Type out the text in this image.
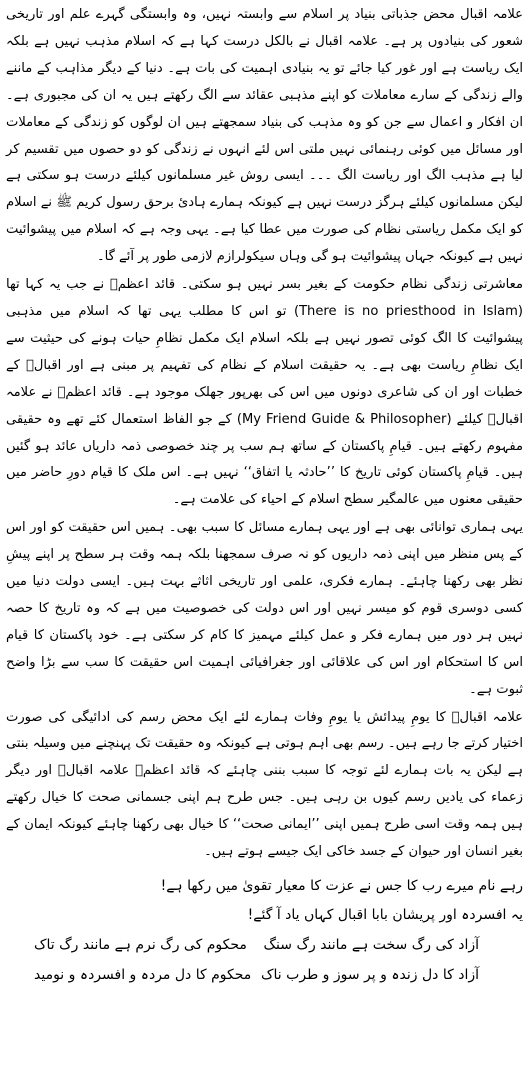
علامہ اقبال محض جذباتی بنیاد پر اسلام سے وابستہ نہیں، وہ وابستگی گہرے علم اور تاریخی شعور کی بنیادوں پر ہے۔ علامہ اقبال نے بالکل درست کہا ہے کہ اسلام مذہب نہیں ہے بلکہ ایک ریاست ہے اور غور کیا جائے تو یہ بنیادی اہمیت کی بات ہے۔ دنیا کے دیگر مذاہب کے ماننے والے زندگی کے سارے معاملات کو اپنے مذہبی عقائد سے الگ رکھتے ہیں یہ ان کی مجبوری ہے۔ ان افکار و اعمال سے جن کو وہ مذہب کی بنیاد سمجھتے ہیں ان لوگوں کو زندگی کے معاملات اور مسائل میں کوئی رہنمائی نہیں ملتی اس لئے انہوں نے زندگی کو دو حصوں میں تقسیم کر لیا ہے مذہب الگ اور ریاست الگ ۔۔۔ ایسی روش غیر مسلمانوں کیلئے درست ہو سکتی ہے لیکن مسلمانوں کیلئے ہرگز درست نہیں ہے کیونکہ ہمارے ہادئ برحق رسول کریم ﷺ نے اسلام کو ایک مکمل ریاستی نظام کی صورت میں عطا کیا ہے۔ یہی وجہ ہے کہ اسلام میں پیشوائیت نہیں ہے کیونکہ جہاں پیشوائیت ہو گی وہاں سیکولرازم لازمی طور پر آئے گا۔

معاشرتی زندگی نظام حکومت کے بغیر بسر نہیں ہو سکتی۔ قائد اعظمؒ نے جب یہ کہا تھا (There is no priesthood in Islam) تو اس کا مطلب یہی تھا کہ اسلام میں مذہبی پیشوائیت کا الگ کوئی تصور نہیں ہے بلکہ اسلام ایک مکمل نظامِ حیات ہونے کی حیثیت سے ایک نظامِ ریاست بھی ہے۔ یہ حقیقت اسلام کے نظام کی تفہیم پر مبنی ہے اور اقبالؒ کے خطبات اور ان کی شاعری دونوں میں اس کی بھرپور جھلک موجود ہے۔ قائد اعظمؒ نے علامہ اقبالؒ کیلئے (My Friend Guide & Philosopher) کے جو الفاظ استعمال کئے تھے وہ حقیقی مفہوم رکھتے ہیں۔ قیامِ پاکستان کے ساتھ ہم سب پر چند خصوصی ذمہ داریاں عائد ہو گئیں ہیں۔ قیامِ پاکستان کوئی تاریخ کا ’’حادثہ یا اتفاق‘‘ نہیں ہے۔ اس ملک کا قیام دورِ حاضر میں حقیقی معنوں میں عالمگیر سطح اسلام کے احیاء کی علامت ہے۔

یہی ہماری توانائی بھی ہے اور یہی ہمارے مسائل کا سبب بھی۔ ہمیں اس حقیقت کو اور اس کے پس منظر میں اپنی ذمہ داریوں کو نہ صرف سمجھنا بلکہ ہمہ وقت ہر سطح پر اپنے پیشِ نظر بھی رکھنا چاہئے۔ ہمارے فکری، علمی اور تاریخی اثاثے بہت ہیں۔ ایسی دولت دنیا میں کسی دوسری قوم کو میسر نہیں اور اس دولت کی خصوصیت میں ہے کہ وہ تاریخ کا حصہ نہیں ہر دور میں ہمارے فکر و عمل کیلئے مہمیز کا کام کر سکتی ہے۔ خود پاکستان کا قیام اس کا استحکام اور اس کی علاقائی اور جغرافیائی اہمیت اس حقیقت کا سب سے بڑا واضح ثبوت ہے۔

علامہ اقبالؒ کا یومِ پیدائش یا یومِ وفات ہمارے لئے ایک محض رسم کی ادائیگی کی صورت اختیار کرتے جا رہے ہیں۔ رسم بھی اہم ہوتی ہے کیونکہ وہ حقیقت تک پہنچنے میں وسیلہ بنتی ہے لیکن یہ بات ہمارے لئے توجہ کا سبب بننی چاہئے کہ قائد اعظمؒ علامہ اقبالؒ اور دیگر زعماء کی یادیں رسم کیوں بن رہی ہیں۔ جس طرح ہم اپنی جسمانی صحت کا خیال رکھتے ہیں ہمہ وقت اسی طرح ہمیں اپنی ’’ایمانی صحت‘‘ کا خیال بھی رکھنا چاہئے کیونکہ ایمان کے بغیر انسان اور حیوان کے جسد خاکی ایک جیسے ہوتے ہیں۔

رہے نام میرے رب کا جس نے عزت کا معیار تقویٰ میں رکھا ہے!

یہ افسردہ اور پریشان بابا اقبال کہاں یاد آ گئے!

آزاد کی رگ سخت ہے مانند رگ سنگ
محکوم کی رگ نرم ہے مانند رگ تاک
آزاد کا دل زندہ و پر سوز و طرب ناک
محکوم کا دل مردہ و افسردہ و نومید
